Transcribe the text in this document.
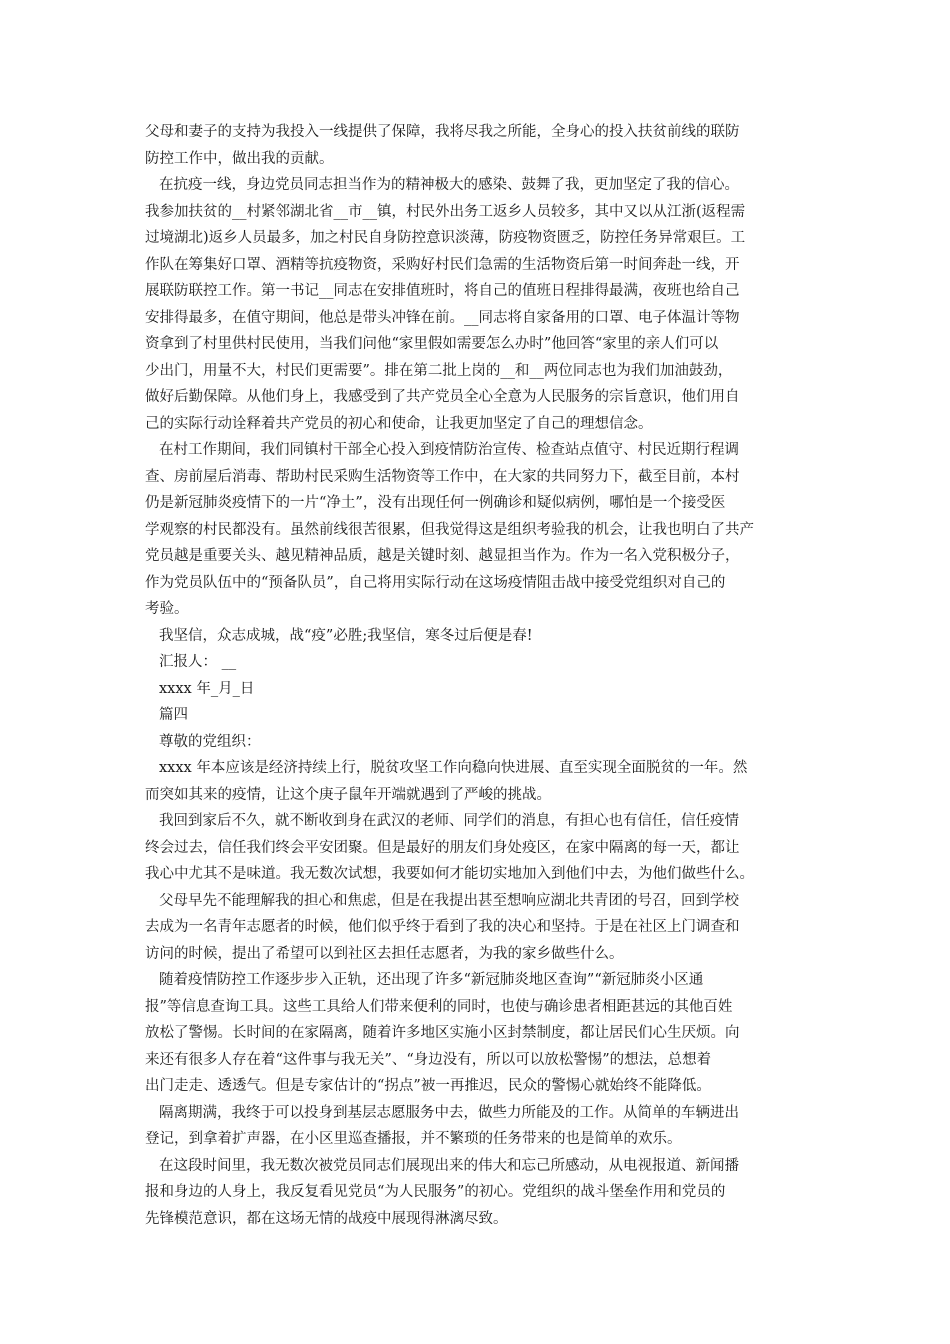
父母和妻子的支持为我投入一线提供了保障，我将尽我之所能，全身心的投入扶贫前线的联防
防控工作中，做出我的贡献。
在抗疫一线，身边党员同志担当作为的精神极大的感染、鼓舞了我，更加坚定了我的信心。
我参加扶贫的__村紧邻湖北省__市__镇，村民外出务工返乡人员较多，其中又以从江浙(返程需
过境湖北)返乡人员最多，加之村民自身防控意识淡薄，防疫物资匮乏，防控任务异常艰巨。工
作队在筹集好口罩、酒精等抗疫物资，采购好村民们急需的生活物资后第一时间奔赴一线，开
展联防联控工作。第一书记__同志在安排值班时，将自己的值班日程排得最满，夜班也给自己
安排得最多，在值守期间，他总是带头冲锋在前。__同志将自家备用的口罩、电子体温计等物
资拿到了村里供村民使用，当我们问他“家里假如需要怎么办时”他回答“家里的亲人们可以
少出门，用量不大，村民们更需要”。排在第二批上岗的__和__两位同志也为我们加油鼓劲，
做好后勤保障。从他们身上，我感受到了共产党员全心全意为人民服务的宗旨意识，他们用自
己的实际行动诠释着共产党员的初心和使命，让我更加坚定了自己的理想信念。
在村工作期间，我们同镇村干部全心投入到疫情防治宣传、检查站点值守、村民近期行程调
查、房前屋后消毒、帮助村民采购生活物资等工作中，在大家的共同努力下，截至目前，本村
仍是新冠肺炎疫情下的一片“净土”，没有出现任何一例确诊和疑似病例，哪怕是一个接受医
学观察的村民都没有。虽然前线很苦很累，但我觉得这是组织考验我的机会，让我也明白了共产
党员越是重要关头、越见精神品质，越是关键时刻、越显担当作为。作为一名入党积极分子，
作为党员队伍中的“预备队员”，自己将用实际行动在这场疫情阻击战中接受党组织对自己的
考验。
我坚信，众志成城，战“疫”必胜;我坚信，寒冬过后便是春!
汇报人： __
xxxx 年_月_日
篇四
尊敬的党组织：
xxxx 年本应该是经济持续上行，脱贫攻坚工作向稳向快进展、直至实现全面脱贫的一年。然
而突如其来的疫情，让这个庚子鼠年开端就遇到了严峻的挑战。
我回到家后不久，就不断收到身在武汉的老师、同学们的消息，有担心也有信任，信任疫情
终会过去，信任我们终会平安团聚。但是最好的朋友们身处疫区，在家中隔离的每一天，都让
我心中尤其不是味道。我无数次试想，我要如何才能切实地加入到他们中去，为他们做些什么。
父母早先不能理解我的担心和焦虑，但是在我提出甚至想响应湖北共青团的号召，回到学校
去成为一名青年志愿者的时候，他们似乎终于看到了我的决心和坚持。于是在社区上门调查和
访问的时候，提出了希望可以到社区去担任志愿者，为我的家乡做些什么。
随着疫情防控工作逐步步入正轨，还出现了许多“新冠肺炎地区查询”“新冠肺炎小区通
报”等信息查询工具。这些工具给人们带来便利的同时，也使与确诊患者相距甚远的其他百姓
放松了警惕。长时间的在家隔离，随着许多地区实施小区封禁制度，都让居民们心生厌烦。向
来还有很多人存在着“这件事与我无关”、“身边没有，所以可以放松警惕”的想法，总想着
出门走走、透透气。但是专家估计的“拐点”被一再推迟，民众的警惕心就始终不能降低。
隔离期满，我终于可以投身到基层志愿服务中去，做些力所能及的工作。从简单的车辆进出
登记，到拿着扩声器，在小区里巡查播报，并不繁琐的任务带来的也是简单的欢乐。
在这段时间里，我无数次被党员同志们展现出来的伟大和忘己所感动，从电视报道、新闻播
报和身边的人身上，我反复看见党员“为人民服务”的初心。党组织的战斗堡垒作用和党员的
先锋模范意识，都在这场无情的战疫中展现得淋漓尽致。
